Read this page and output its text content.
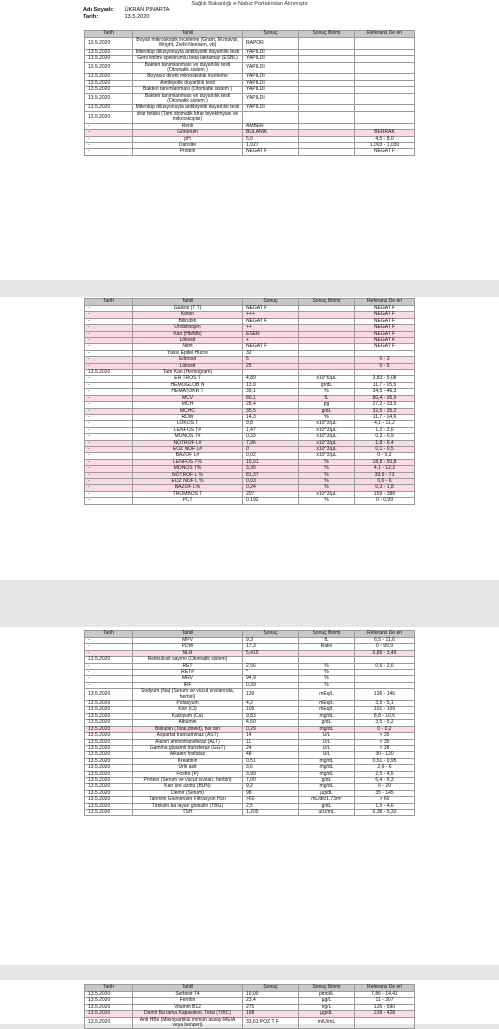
Sağlık Bakanlığı e-Nabız Portalından Alınmıştır
Adı Soyadı: ÜKRAN PINARTA
Tarih:	13.5.2020
Tarih	Tahlil	Sonuç	Sonuç Birimi	Referans De eri
13.5.2020	Boyalı mikroskopik inceleme (Gram, M.mavisi, Wright, Ziehl-Neelsen, vb)	RAPOR		
13.5.2020	Mikrotüp dilüsyonuyla antibiyotik duyarlılık testi	YAPILDI		
13.5.2020	Geni letilmi spektrumlu beta laktamaz (ESBL)	YAPILDI		
13.5.2020	Bakteri tanımlanması ve duyarlılık testi (Otomatik sistem )	YAPILDI		
13.5.2020	Boyasız direkt mikroskobik inceleme	YAPILDI		
13.5.2020	Antibiyotik duyarlılık testi	YAPILDI		
13.5.2020	Bakteri tanımlanması (Otomatik sistem )	YAPILDI		
13.5.2020	Bakteri tanımlanması ve duyarlılık testi (Otomatik sistem )	YAPILDI		
13.5.2020	Mikrotüp dilüsyonuyla antibiyotik duyarlılık testi	YAPILDI		
13.5.2020	drar tetkiki (Tam otomatik idrar biyokimyası ve mikroskopisi)			
-	Renk	AMBER		
-	Görünüm	BULANIK		BERRAK
-	pH	5,0		4,5 - 8,0
-	Dansite	1,027		1,003 - 1,030
-	Protein	NEGAT F		NEGAT F
Tarih	Tahlil	Sonuç	Sonuç Birimi	Referans De eri
-	Glukoz (T T)	NEGAT F		NEGAT F
-	Keton	+++		NEGAT F
-	Bilirubin	NEGAT F		NEGAT F
-	Urobilinojen	++		NEGAT F
-	Kan (Hb/Mb)	ESER		NEGAT F
-	Lökosit	+		NEGAT F
-	Nitrit	NEGAT F		NEGAT F
-	Yassı Epitel Hücre	32		
-	Eritrosit	6		0 - 3
-	Lökosit	25		0 - 5
13.5.2020	Tam Kan (Hemogram)			
-	ER TROS T	4,89	x10^6/µL	3,83 - 5,08
-	HEMOGLOB N	13,9	gr/dL	11,7 - 15,5
-	HEMATOKR T	39,1	%	34,5 - 46,3
-	MCV	80,1	fL	80,4 - 95,9
-	MCH	28,4	pg	27,2 - 33,5
-	MCHC	35,5	g/dL	32,5 - 35,2
-	RDW	14,3	%	11,7 - 14,6
-	LÖKOS T	9,8	x10^3/µL	4,1 - 11,2
-	LENFOS T#	1,47	x10^3/µL	1,2 - 3,6
-	MONOS T#	0,33	x10^3/µL	0,3 - 0,9
-	NÖTROF L#	7,96	x10^3/µL	1,8 - 6,4
-	EOZ NOF L#	0	x10^3/µL	0,1 - 0,5
-	BAZOF L#	0,02	x10^3/µL	0 - 0,2
-	LENFOS T%	15,01	%	18,8 - 50,8
-	MONOS T%	3,35	%	4,1 - 12,2
-	NÖTROF L %	81,37	%	39,9 - 73
-	EOZ NOF L %	0,03	%	0,6 - 6
-	BAZOF L%	0,24	%	0,3 - 1,8
-	TROMBOS T	207	x10^3/µL	159 - 388
-	PCT	0,192	%	0 - 0,99
Tarih	Tahlil	Sonuç	Sonuç Birimi	Referans De eri
-	MPV	9,3	fL	6,5 - 11,6
-	PDW	17,3	Ratio	0 - 99,9
-	NLR	5,415		0,89 - 3,49
13.5.2020	Retikülosit sayımı (Otomatik sistem)			
-	RET	2,56	%	0,6 - 2,6
-	RET#	*	%	
-	MRV	94,9	%	
-	IRF	0,39	%	
13.5.2020	Sodyum (Na) (Serum ve vücut sıvılarında, herbiri)	139	mEq/L	136 - 146
13.5.2020	Potasyum	4,2	mEq/L	3,5 - 5,1
13.5.2020	Klor (Cl)	105	mEq/L	101 - 109
13.5.2020	Kalsiyum (Ca)	9,83	mg/dL	8,8 - 10,6
13.5.2020	Albümin	4,50	g/dL	3,5 - 5,2
13.5.2020	Bilirubin (Total,direkt), her biri	0,29	mg/dL	0 - 0,2
13.5.2020	Aspartat transaminaz (AST)	14	U/L	< 35
13.5.2020	Alanin aminotransferaz (ALT)	11	U/L	< 35
13.5.2020	Gamma glutamil transferaz (GGT)	24	U/L	< 38
13.5.2020	Alkalen fosfataz	48	U/L	30 - 120
13.5.2020	Kreatinin	0,51	mg/dL	0,51 - 0,95
13.5.2020	Ürik asit	3,6	mg/dL	2,6 - 6
13.5.2020	Fosfor (P)	3,99	mg/dL	2,5 - 4,5
13.5.2020	Protein (Serum ve vücut sıvıları, herbiri)	7,00	g/dL	6,4 - 8,3
13.5.2020	Kan üre azotu (BUN)	9,2	mg/dL	6 - 20
13.5.2020	Demir (Serum)	98	µg/dL	35 - 145
13.5.2020	Tahmini Glomerüler Filtrasyon Hızı	>60	mL/dk/1.73m²	> 60
13.5.2020	Tiroksin ba layan globulin (TBG)	2,5	g/dL	1,5 - 4,6
13.5.2020	TSH	1,205	uIU/mL	0,38 - 5,33
Tarih	Tahlil	Sonuç	Sonuç Birimi	Referans De eri
13.5.2020	Serbest T4	10,00	pmol/L	7,86 - 14,41
13.5.2020	Ferritin	23,4	µg/L	11 - 307
13.5.2020	Vitamin B12	275	ng/L	126 - 590
13.5.2020	Demir Ba lama Kapasitesi, Total (TIBC)	198	µg/dL	228 - 428
13.5.2020	Anti HBs (Mikropartikül immün assay-MEIA veya benzeri)	33,61 POZ T F	mIU/mL	
